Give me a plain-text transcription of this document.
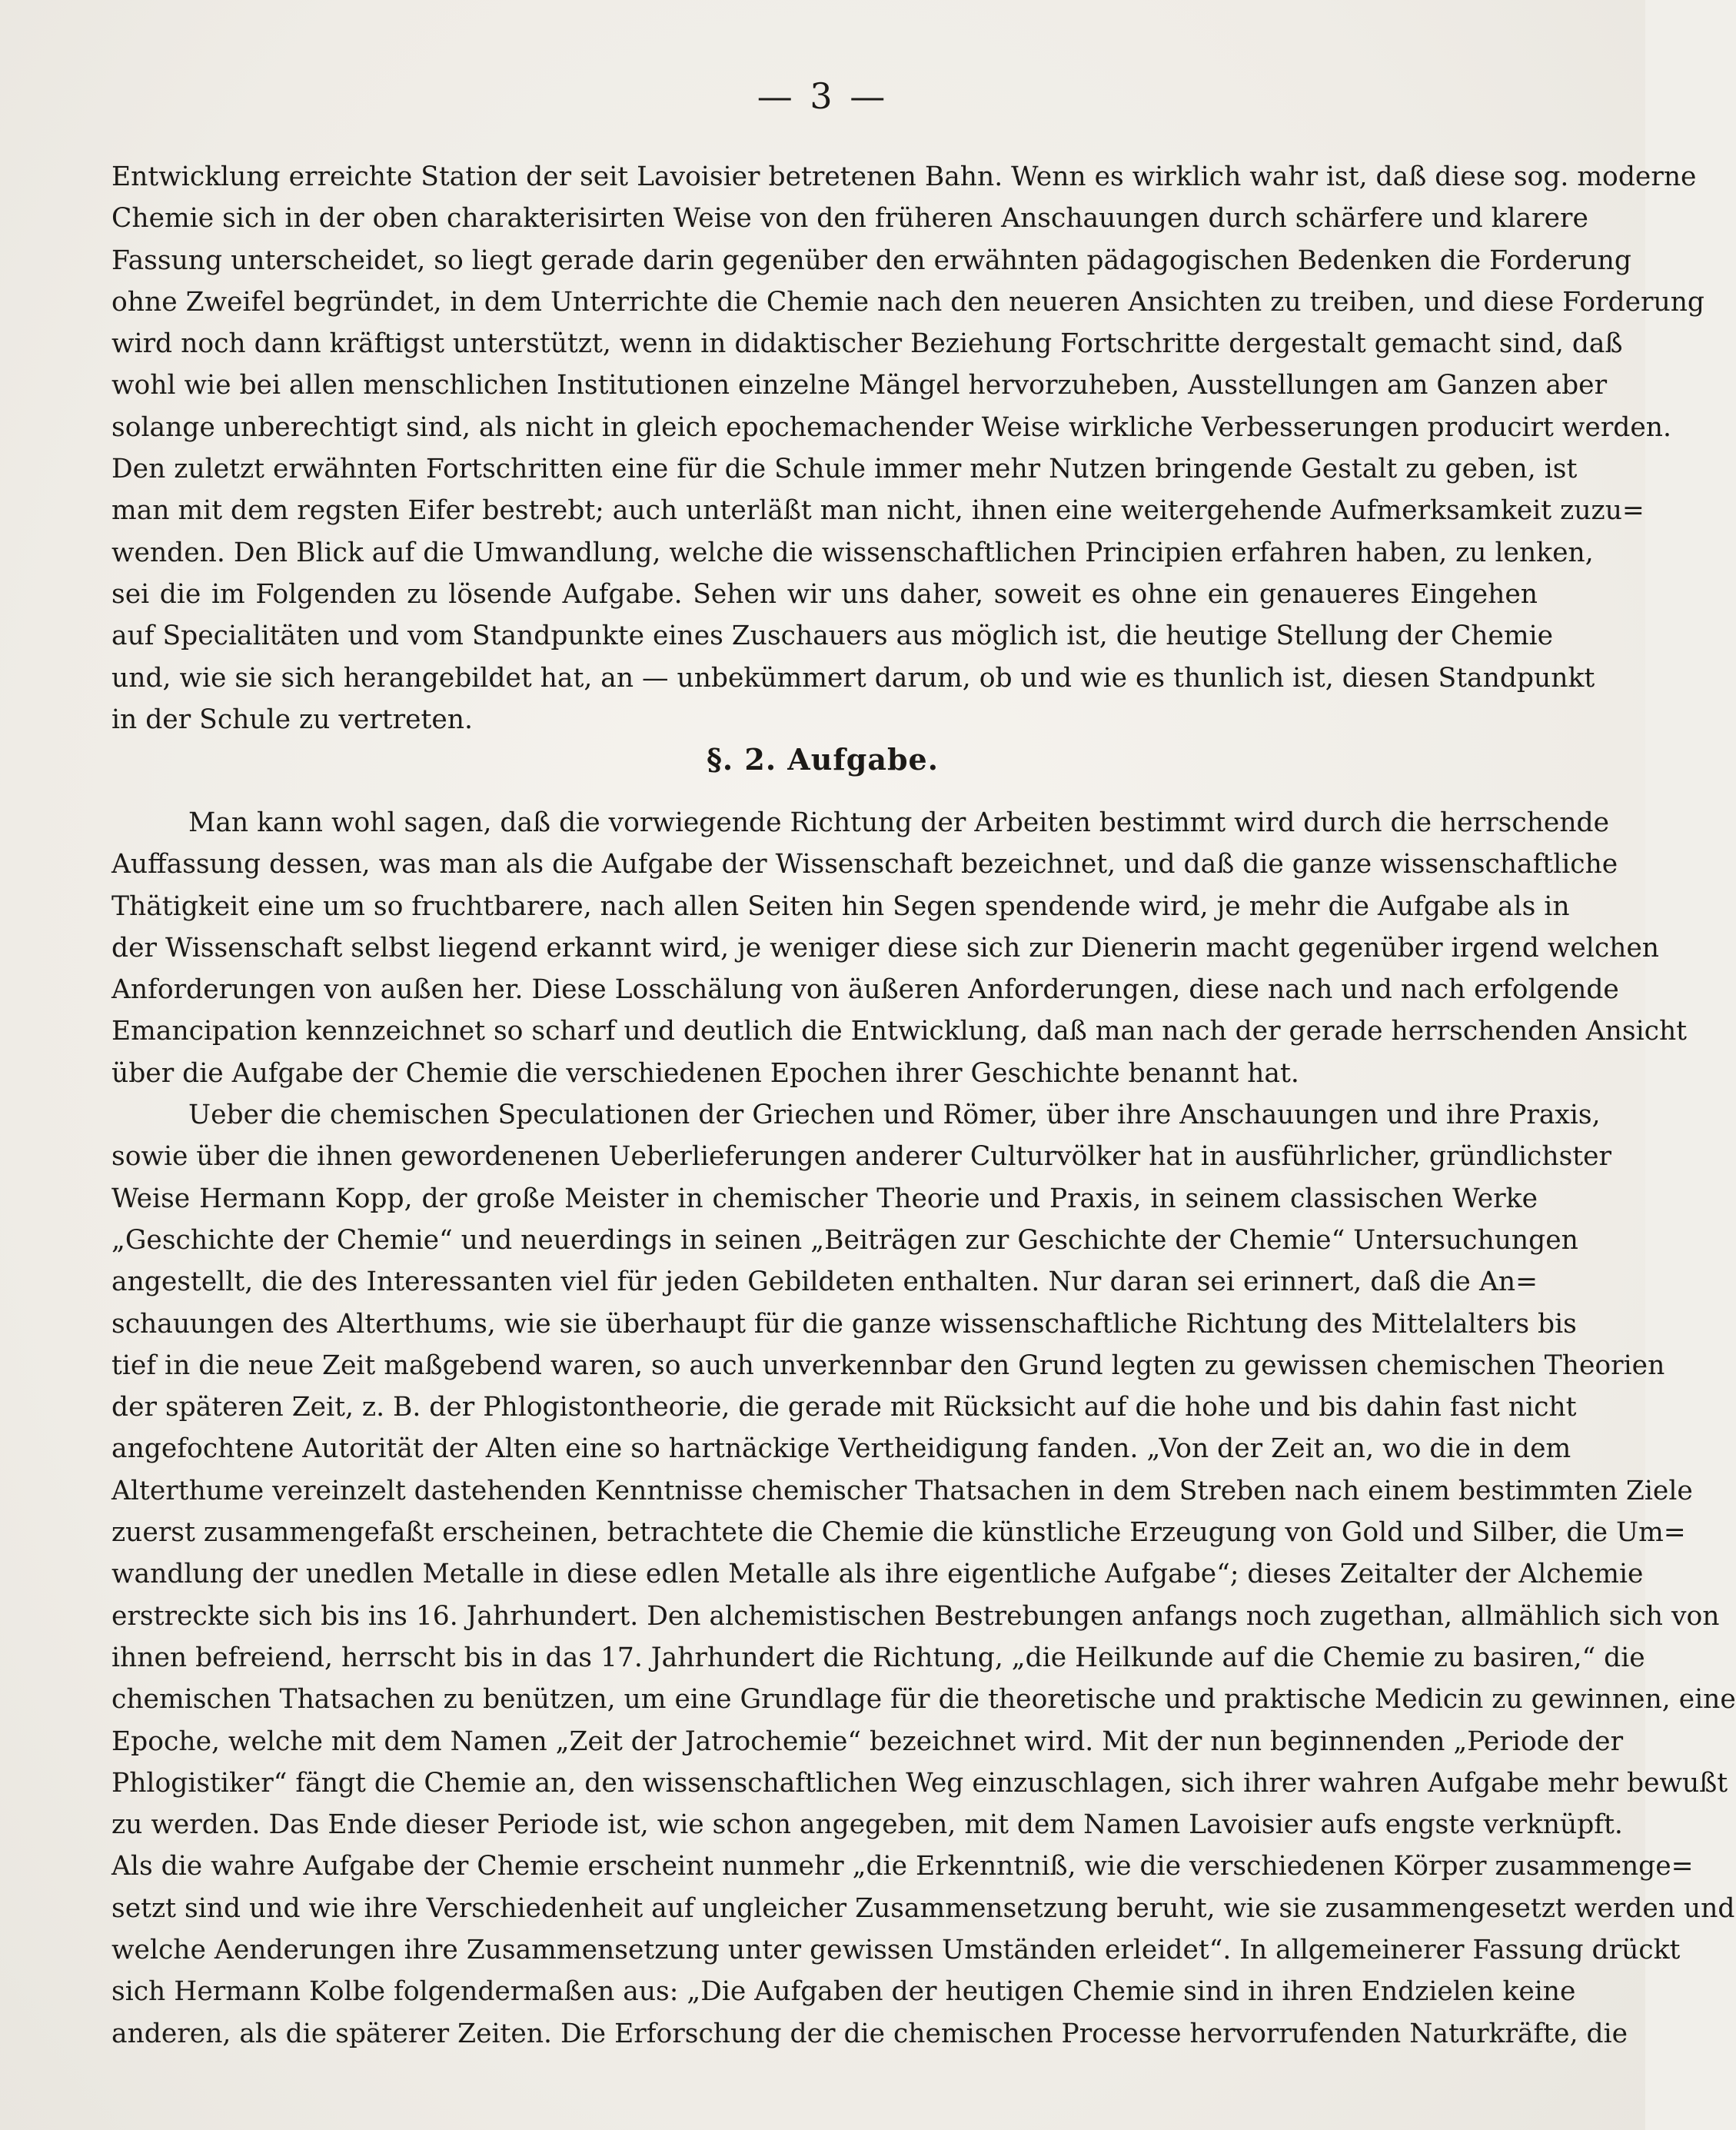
— 3 —
Entwicklung erreichte Station der seit Lavoisier betretenen Bahn. Wenn es wirklich wahr ist, daß diese sog. moderne
Chemie sich in der oben charakterisirten Weise von den früheren Anschauungen durch schärfere und klarere
Fassung unterscheidet, so liegt gerade darin gegenüber den erwähnten pädagogischen Bedenken die Forderung
ohne Zweifel begründet, in dem Unterrichte die Chemie nach den neueren Ansichten zu treiben, und diese Forderung
wird noch dann kräftigst unterstützt, wenn in didaktischer Beziehung Fortschritte dergestalt gemacht sind, daß
wohl wie bei allen menschlichen Institutionen einzelne Mängel hervorzuheben, Ausstellungen am Ganzen aber
solange unberechtigt sind, als nicht in gleich epochemachender Weise wirkliche Verbesserungen producirt werden.
Den zuletzt erwähnten Fortschritten eine für die Schule immer mehr Nutzen bringende Gestalt zu geben, ist
man mit dem regsten Eifer bestrebt; auch unterläßt man nicht, ihnen eine weitergehende Aufmerksamkeit zuzu=
wenden. Den Blick auf die Umwandlung, welche die wissenschaftlichen Principien erfahren haben, zu lenken,
sei die im Folgenden zu lösende Aufgabe. Sehen wir uns daher, soweit es ohne ein genaueres Eingehen
auf Specialitäten und vom Standpunkte eines Zuschauers aus möglich ist, die heutige Stellung der Chemie
und, wie sie sich herangebildet hat, an — unbekümmert darum, ob und wie es thunlich ist, diesen Standpunkt
in der Schule zu vertreten.
§. 2. Aufgabe.
Man kann wohl sagen, daß die vorwiegende Richtung der Arbeiten bestimmt wird durch die herrschende
Auffassung dessen, was man als die Aufgabe der Wissenschaft bezeichnet, und daß die ganze wissenschaftliche
Thätigkeit eine um so fruchtbarere, nach allen Seiten hin Segen spendende wird, je mehr die Aufgabe als in
der Wissenschaft selbst liegend erkannt wird, je weniger diese sich zur Dienerin macht gegenüber irgend welchen
Anforderungen von außen her. Diese Losschälung von äußeren Anforderungen, diese nach und nach erfolgende
Emancipation kennzeichnet so scharf und deutlich die Entwicklung, daß man nach der gerade herrschenden Ansicht
über die Aufgabe der Chemie die verschiedenen Epochen ihrer Geschichte benannt hat.
Ueber die chemischen Speculationen der Griechen und Römer, über ihre Anschauungen und ihre Praxis,
sowie über die ihnen gewordenenen Ueberlieferungen anderer Culturvölker hat in ausführlicher, gründlichster
Weise Hermann Kopp, der große Meister in chemischer Theorie und Praxis, in seinem classischen Werke
„Geschichte der Chemie“ und neuerdings in seinen „Beiträgen zur Geschichte der Chemie“ Untersuchungen
angestellt, die des Interessanten viel für jeden Gebildeten enthalten. Nur daran sei erinnert, daß die An=
schauungen des Alterthums, wie sie überhaupt für die ganze wissenschaftliche Richtung des Mittelalters bis
tief in die neue Zeit maßgebend waren, so auch unverkennbar den Grund legten zu gewissen chemischen Theorien
der späteren Zeit, z. B. der Phlogistontheorie, die gerade mit Rücksicht auf die hohe und bis dahin fast nicht
angefochtene Autorität der Alten eine so hartnäckige Vertheidigung fanden. „Von der Zeit an, wo die in dem
Alterthume vereinzelt dastehenden Kenntnisse chemischer Thatsachen in dem Streben nach einem bestimmten Ziele
zuerst zusammengefaßt erscheinen, betrachtete die Chemie die künstliche Erzeugung von Gold und Silber, die Um=
wandlung der unedlen Metalle in diese edlen Metalle als ihre eigentliche Aufgabe“; dieses Zeitalter der Alchemie
erstreckte sich bis ins 16. Jahrhundert. Den alchemistischen Bestrebungen anfangs noch zugethan, allmählich sich von
ihnen befreiend, herrscht bis in das 17. Jahrhundert die Richtung, „die Heilkunde auf die Chemie zu basiren,“ die
chemischen Thatsachen zu benützen, um eine Grundlage für die theoretische und praktische Medicin zu gewinnen, eine
Epoche, welche mit dem Namen „Zeit der Jatrochemie“ bezeichnet wird. Mit der nun beginnenden „Periode der
Phlogistiker“ fängt die Chemie an, den wissenschaftlichen Weg einzuschlagen, sich ihrer wahren Aufgabe mehr bewußt
zu werden. Das Ende dieser Periode ist, wie schon angegeben, mit dem Namen Lavoisier aufs engste verknüpft.
Als die wahre Aufgabe der Chemie erscheint nunmehr „die Erkenntniß, wie die verschiedenen Körper zusammenge=
setzt sind und wie ihre Verschiedenheit auf ungleicher Zusammensetzung beruht, wie sie zusammengesetzt werden und
welche Aenderungen ihre Zusammensetzung unter gewissen Umständen erleidet“. In allgemeinerer Fassung drückt
sich Hermann Kolbe folgendermaßen aus: „Die Aufgaben der heutigen Chemie sind in ihren Endzielen keine
anderen, als die späterer Zeiten. Die Erforschung der die chemischen Processe hervorrufenden Naturkräfte, die
